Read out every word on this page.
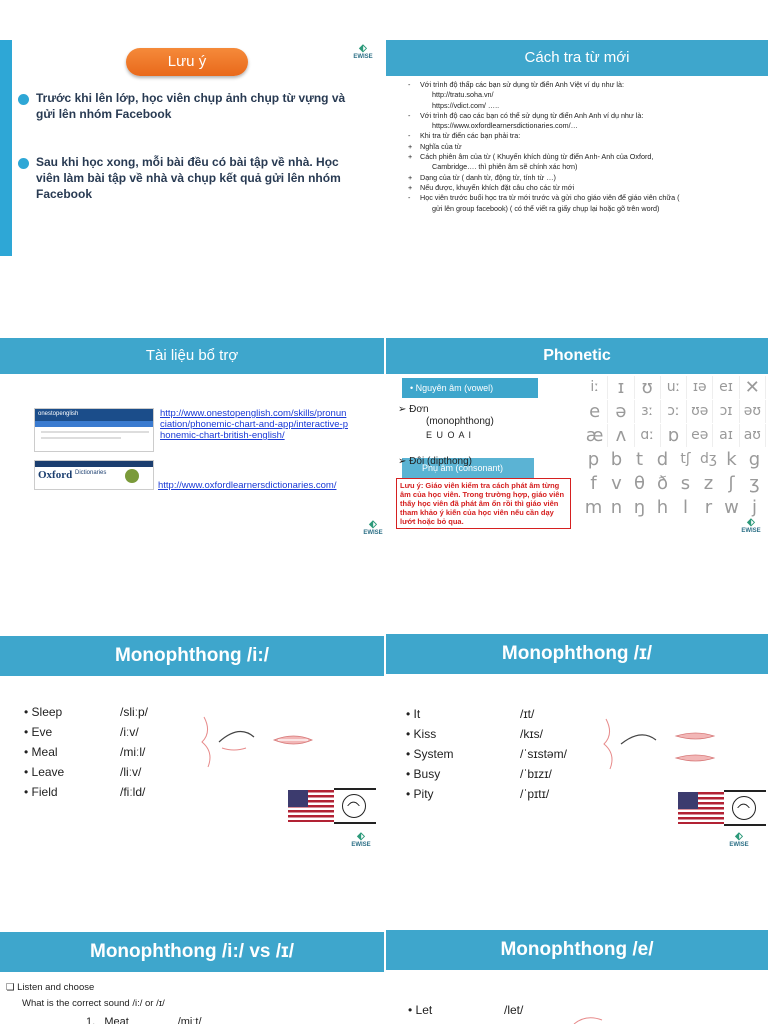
Lưu ý
⬖
EWISE
Trước khi lên lớp, học viên chụp ảnh chụp từ vựng và gửi lên nhóm Facebook
Sau khi học xong, mỗi bài đều có bài tập về nhà. Học viên làm bài tập về nhà và chụp kết quả gửi lên nhóm Facebook
Cách tra từ mới
- Với trình độ thấp các bạn sử dụng từ điển Anh Việt ví dụ như là:
http://tratu.soha.vn/
https://vdict.com/ …..
- Với trình độ cao các bạn có thể sử dụng từ điển Anh Anh ví dụ như là:
https://www.oxfordlearnersdictionaries.com/…
- Khi tra từ điển các bạn phải tra:
+ Nghĩa của từ
+ Cách phiên âm của từ ( Khuyến khích dùng từ điển Anh- Anh của Oxford,
Cambridge…. thì phiên âm sẽ chính xác hơn)
+ Dạng của từ ( danh từ, động từ, tính từ …)
+ Nếu được, khuyến khích đặt câu cho các từ mới
- Học viên trước buổi học tra từ mới trước và gửi cho giáo viên để giáo viên chữa (
gửi lên group facebook) ( có thể viết ra giấy chụp lại hoặc gõ trên word)
Tài liệu bổ trợ
onestopenglish
Oxford Dictionaries
http://www.onestopenglish.com/skills/pronunciation/phonemic-chart-and-app/interactive-phonemic-chart-british-english/
http://www.oxfordlearnersdictionaries.com/
Phonetic
• Nguyên âm (vowel)
➢ Đơn
(monophthong)
E U O A I
Phụ âm (consonant)
➢ Đôi (dipthong)
iː	ɪ ʊ uː ɪə eɪ ✕
e ə	ɜː ɔː ʊə ɔɪ əʊ
æ ʌ	ɑː ɒ eə aɪ aʊ
p b t d tʃ dʒ k g
f v θ ð s z ʃ ʒ
m n ŋ h l r w j
⬖
EWISE
Lưu ý: Giáo viên kiểm tra cách phát âm từng âm của học viên. Trong trường hợp, giáo viên thấy học viên đã phát âm ổn rồi thì giáo viên tham khảo ý kiến của học viên nếu cần dạy lướt hoặc bỏ qua.
⬖
EWISE
Monophthong /i:/
• Sleep	/sliːp/
• Eve	/iːv/
• Meal	/miːl/
• Leave	/liːv/
• Field	/fiːld/
⬖
EWISE
Monophthong /ɪ/
• It	/ɪt/
• Kiss	/kɪs/
• System	/ˈsɪstəm/
• Busy	/ˈbɪzɪ/
• Pity	/ˈpɪtɪ/
⬖
EWISE
Monophthong /i:/ vs /ɪ/
❏ Listen and choose
What is the correct sound /i:/ or /ɪ/
1.   Meat                /miːt/
Monophthong /e/
• Let	/let/
